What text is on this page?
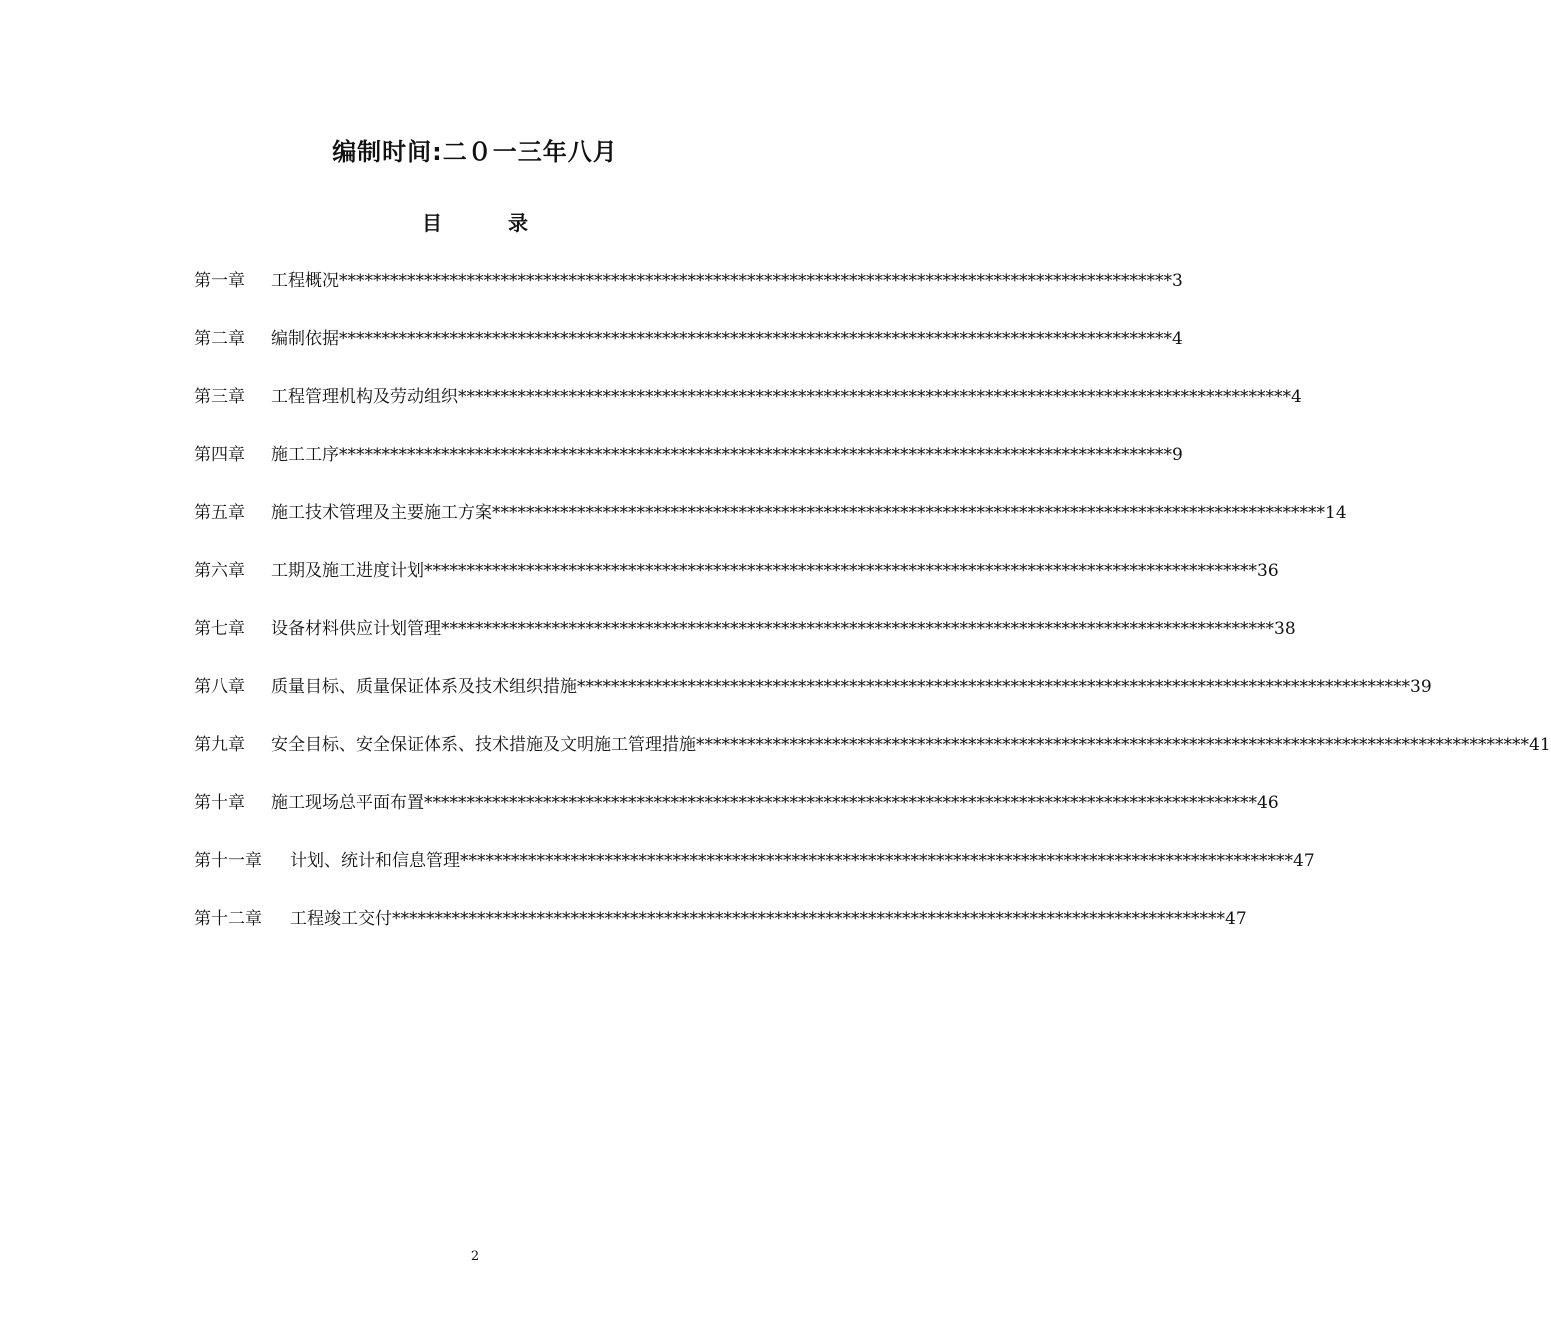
编制时间:二０一三年八月
目	录
第一章	工程概况 ************************************************************************************************** 3
第二章	编制依据 ************************************************************************************************** 4
第三章	工程管理机构及劳动组织 ************************************************************************************************** 4
第四章	施工工序 ************************************************************************************************** 9
第五章	施工技术管理及主要施工方案 ************************************************************************************************** 14
第六章	工期及施工进度计划 ************************************************************************************************** 36
第七章	设备材料供应计划管理 ************************************************************************************************** 38
第八章	质量目标、质量保证体系及技术组织措施 ************************************************************************************************** 39
第九章	安全目标、安全保证体系、技术措施及文明施工管理措施 ************************************************************************************************** 41
第十章	施工现场总平面布置 ************************************************************************************************** 46
第十一章	计划、统计和信息管理 ************************************************************************************************** 47
第十二章	工程竣工交付 ************************************************************************************************** 47
2
